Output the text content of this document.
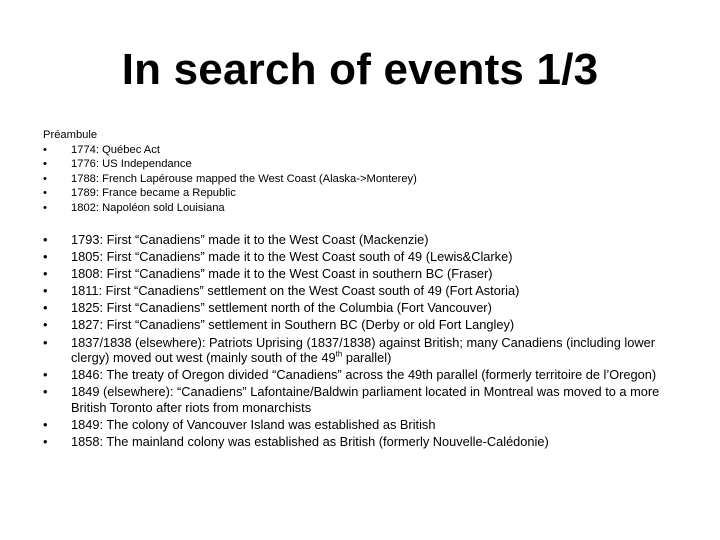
In search of events 1/3
Préambule
• 1774: Québec Act
• 1776: US Independance
• 1788: French Lapérouse mapped the West Coast (Alaska->Monterey)
• 1789: France became a Republic
• 1802: Napoléon sold Louisiana
• 1793: First “Canadiens” made it to the West Coast (Mackenzie)
• 1805: First “Canadiens” made it to the West Coast south of 49 (Lewis&Clarke)
• 1808: First “Canadiens” made it to the West Coast in southern BC (Fraser)
• 1811: First “Canadiens” settlement on the West Coast south of 49 (Fort Astoria)
• 1825: First “Canadiens” settlement north of the Columbia (Fort Vancouver)
• 1827: First “Canadiens” settlement in Southern BC (Derby or old Fort Langley)
• 1837/1838 (elsewhere): Patriots Uprising (1837/1838) against British; many Canadiens (including lower clergy) moved out west (mainly south of the 49th parallel)
• 1846: The treaty of Oregon divided “Canadiens” across the 49th parallel (formerly territoire de l’Oregon)
• 1849 (elsewhere): “Canadiens” Lafontaine/Baldwin parliament located in Montreal was moved to a more British Toronto after riots from monarchists
• 1849: The colony of Vancouver Island was established as British
• 1858: The mainland colony was established as British (formerly Nouvelle-Calédonie)
